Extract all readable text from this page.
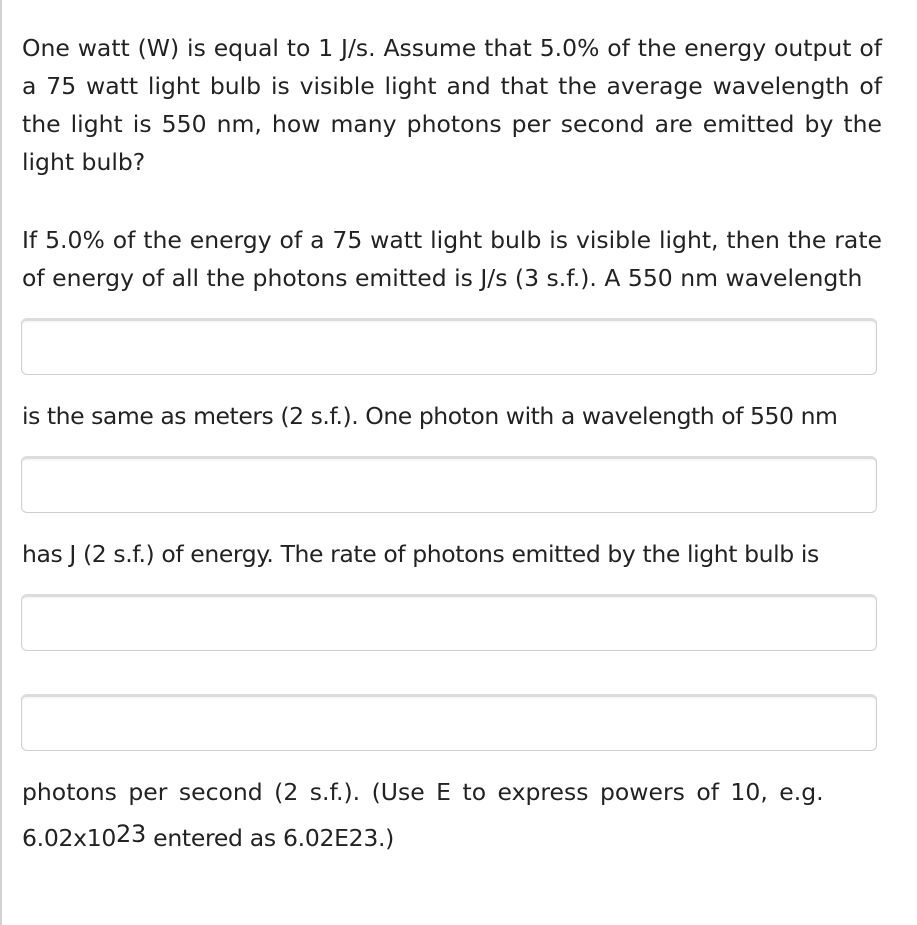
One watt (W) is equal to 1 J/s. Assume that 5.0% of the energy output of a 75 watt light bulb is visible light and that the average wavelength of the light is 550 nm, how many photons per second are emitted by the light bulb?

If 5.0% of the energy of a 75 watt light bulb is visible light, then the rate of energy of all the photons emitted is J/s (3 s.f.). A 550 nm wavelength

is the same as meters (2 s.f.). One photon with a wavelength of 550 nm

has J (2 s.f.) of energy. The rate of photons emitted by the light bulb is

photons per second (2 s.f.). (Use E to express powers of 10, e.g.

$6.02x10^{23}$ entered as 6.02E23.)
